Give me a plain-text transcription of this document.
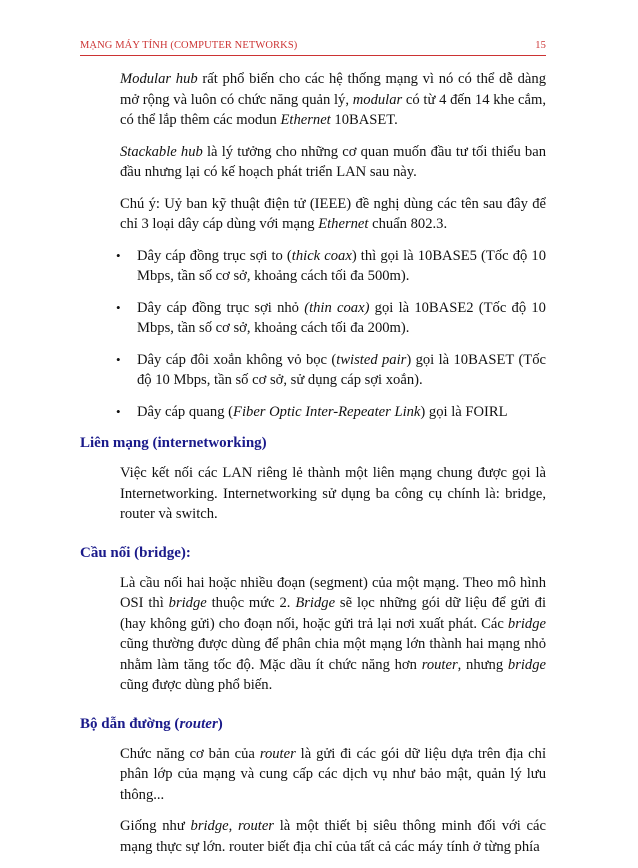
MẠNG MÁY TÍNH (COMPUTER NETWORKS)	15

Modular hub rất phổ biến cho các hệ thống mạng vì nó có thể dễ dàng mở rộng và luôn có chức năng quản lý, modular có từ 4 đến 14 khe cắm, có thể lắp thêm các modun Ethernet 10BASET.

Stackable hub là lý tưởng cho những cơ quan muốn đầu tư tối thiểu ban đầu nhưng lại có kế hoạch phát triển LAN sau này.

Chú ý: Uỷ ban kỹ thuật điện tử (IEEE) đề nghị dùng các tên sau đây để chỉ 3 loại dây cáp dùng với mạng Ethernet chuẩn 802.3.

• Dây cáp đồng trục sợi to (thick coax) thì gọi là 10BASE5 (Tốc độ 10 Mbps, tần số cơ sở, khoảng cách tối đa 500m).
• Dây cáp đồng trục sợi nhỏ (thin coax) gọi là 10BASE2 (Tốc độ 10 Mbps, tần số cơ sở, khoảng cách tối đa 200m).
• Dây cáp đôi xoắn không vỏ bọc (twisted pair) gọi là 10BASET (Tốc độ 10 Mbps, tần số cơ sở, sử dụng cáp sợi xoắn).
• Dây cáp quang (Fiber Optic Inter-Repeater Link) gọi là FOIRL
Liên mạng (internetworking)

Việc kết nối các LAN riêng lẻ thành một liên mạng chung được gọi là Internetworking. Internetworking sử dụng ba công cụ chính là: bridge, router và switch.

Cầu nối (bridge):

Là cầu nối hai hoặc nhiều đoạn (segment) của một mạng. Theo mô hình OSI thì bridge thuộc mức 2. Bridge sẽ lọc những gói dữ liệu để gửi đi (hay không gửi) cho đoạn nối, hoặc gửi trả lại nơi xuất phát. Các bridge cũng thường được dùng để phân chia một mạng lớn thành hai mạng nhỏ nhằm làm tăng tốc độ. Mặc dầu ít chức năng hơn router, nhưng bridge cũng được dùng phổ biến.

Bộ dẫn đường (router)

Chức năng cơ bản của router là gửi đi các gói dữ liệu dựa trên địa chỉ phân lớp của mạng và cung cấp các dịch vụ như bảo mật, quản lý lưu thông...

Giống như bridge, router là một thiết bị siêu thông minh đối với các mạng thực sự lớn. router biết địa chỉ của tất cả các máy tính ở từng phía
